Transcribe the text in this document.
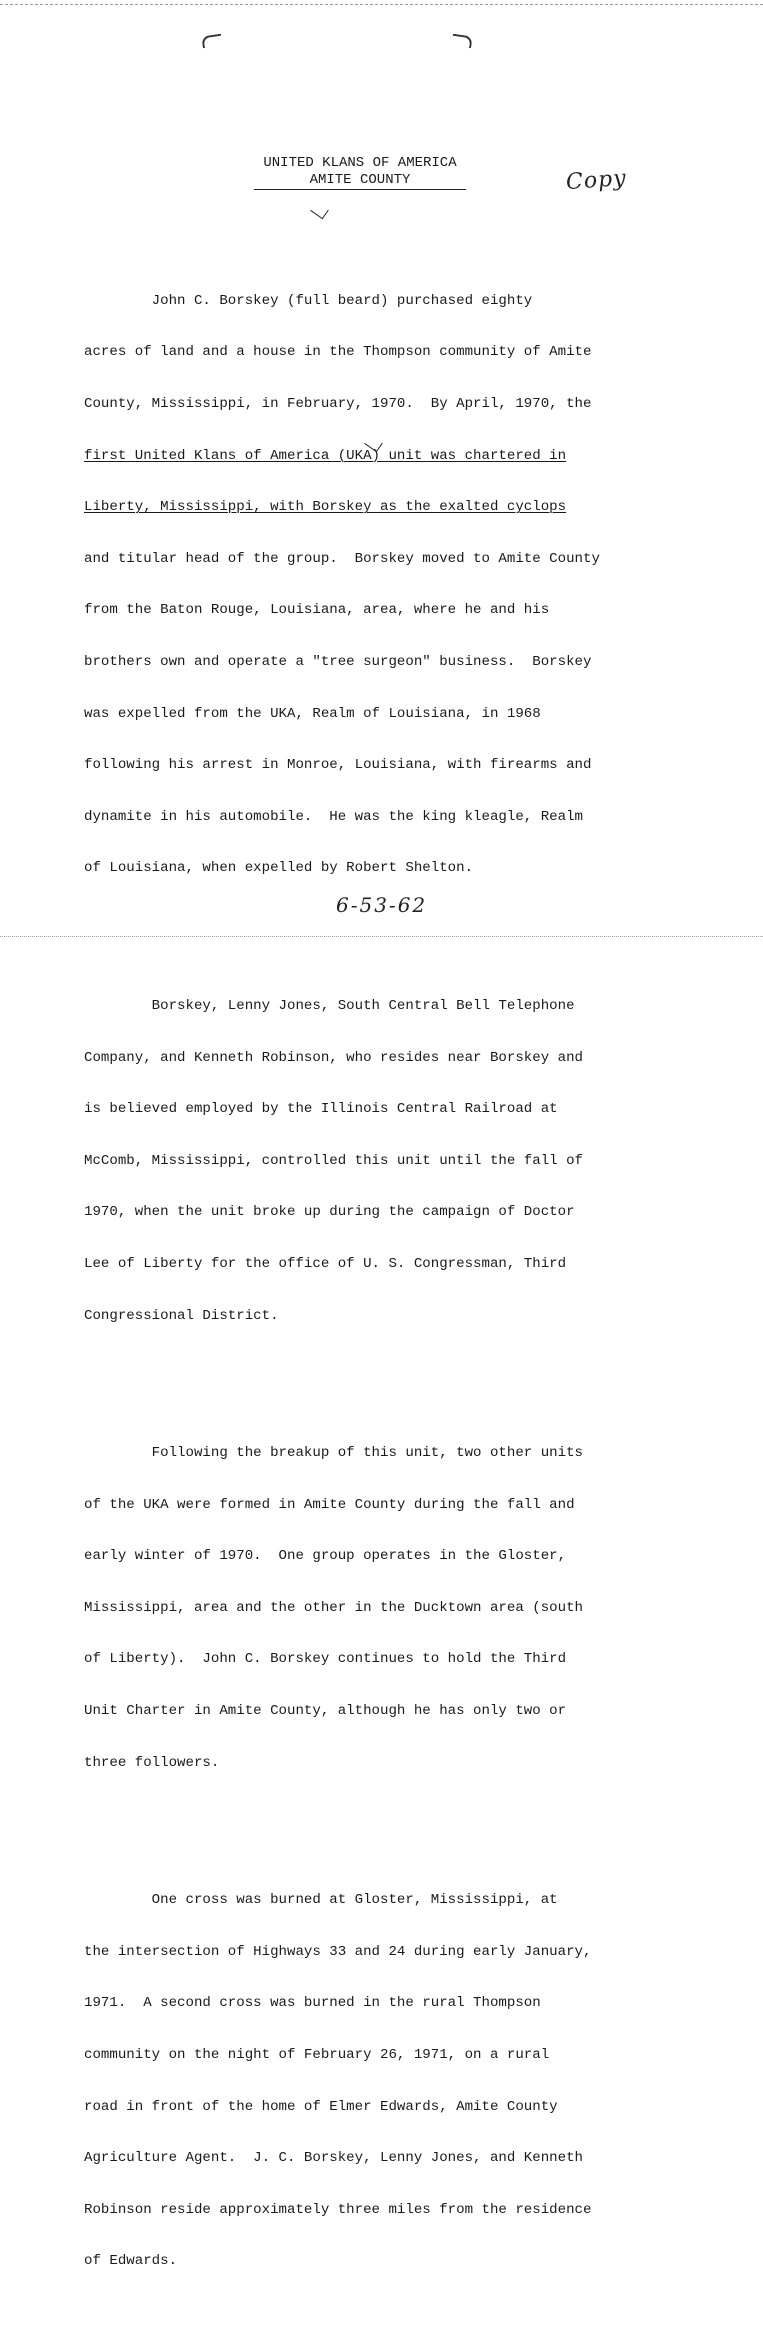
UNITED KLANS OF AMERICA

AMITE COUNTY	Copy

John C. Borskey (full beard) purchased eighty

acres of land and a house in the Thompson community of Amite

County, Mississippi, in February, 1970.  By April, 1970, the

first United Klans of America (UKA) unit was chartered in

Liberty, Mississippi, with Borskey as the exalted cyclops

and titular head of the group.  Borskey moved to Amite County

from the Baton Rouge, Louisiana, area, where he and his

brothers own and operate a "tree surgeon" business.  Borskey

was expelled from the UKA, Realm of Louisiana, in 1968

following his arrest in Monroe, Louisiana, with firearms and

dynamite in his automobile.  He was the king kleagle, Realm

of Louisiana, when expelled by Robert Shelton.

Borskey, Lenny Jones, South Central Bell Telephone

Company, and Kenneth Robinson, who resides near Borskey and

is believed employed by the Illinois Central Railroad at

McComb, Mississippi, controlled this unit until the fall of

1970, when the unit broke up during the campaign of Doctor

Lee of Liberty for the office of U. S. Congressman, Third

Congressional District.

Following the breakup of this unit, two other units

of the UKA were formed in Amite County during the fall and

early winter of 1970.  One group operates in the Gloster,

Mississippi, area and the other in the Ducktown area (south

of Liberty).  John C. Borskey continues to hold the Third

Unit Charter in Amite County, although he has only two or

three followers.

One cross was burned at Gloster, Mississippi, at

the intersection of Highways 33 and 24 during early January,

1971.  A second cross was burned in the rural Thompson

community on the night of February 26, 1971, on a rural

road in front of the home of Elmer Edwards, Amite County

Agriculture Agent.  J. C. Borskey, Lenny Jones, and Kenneth

Robinson reside approximately three miles from the residence

of Edwards.

6-53-62
